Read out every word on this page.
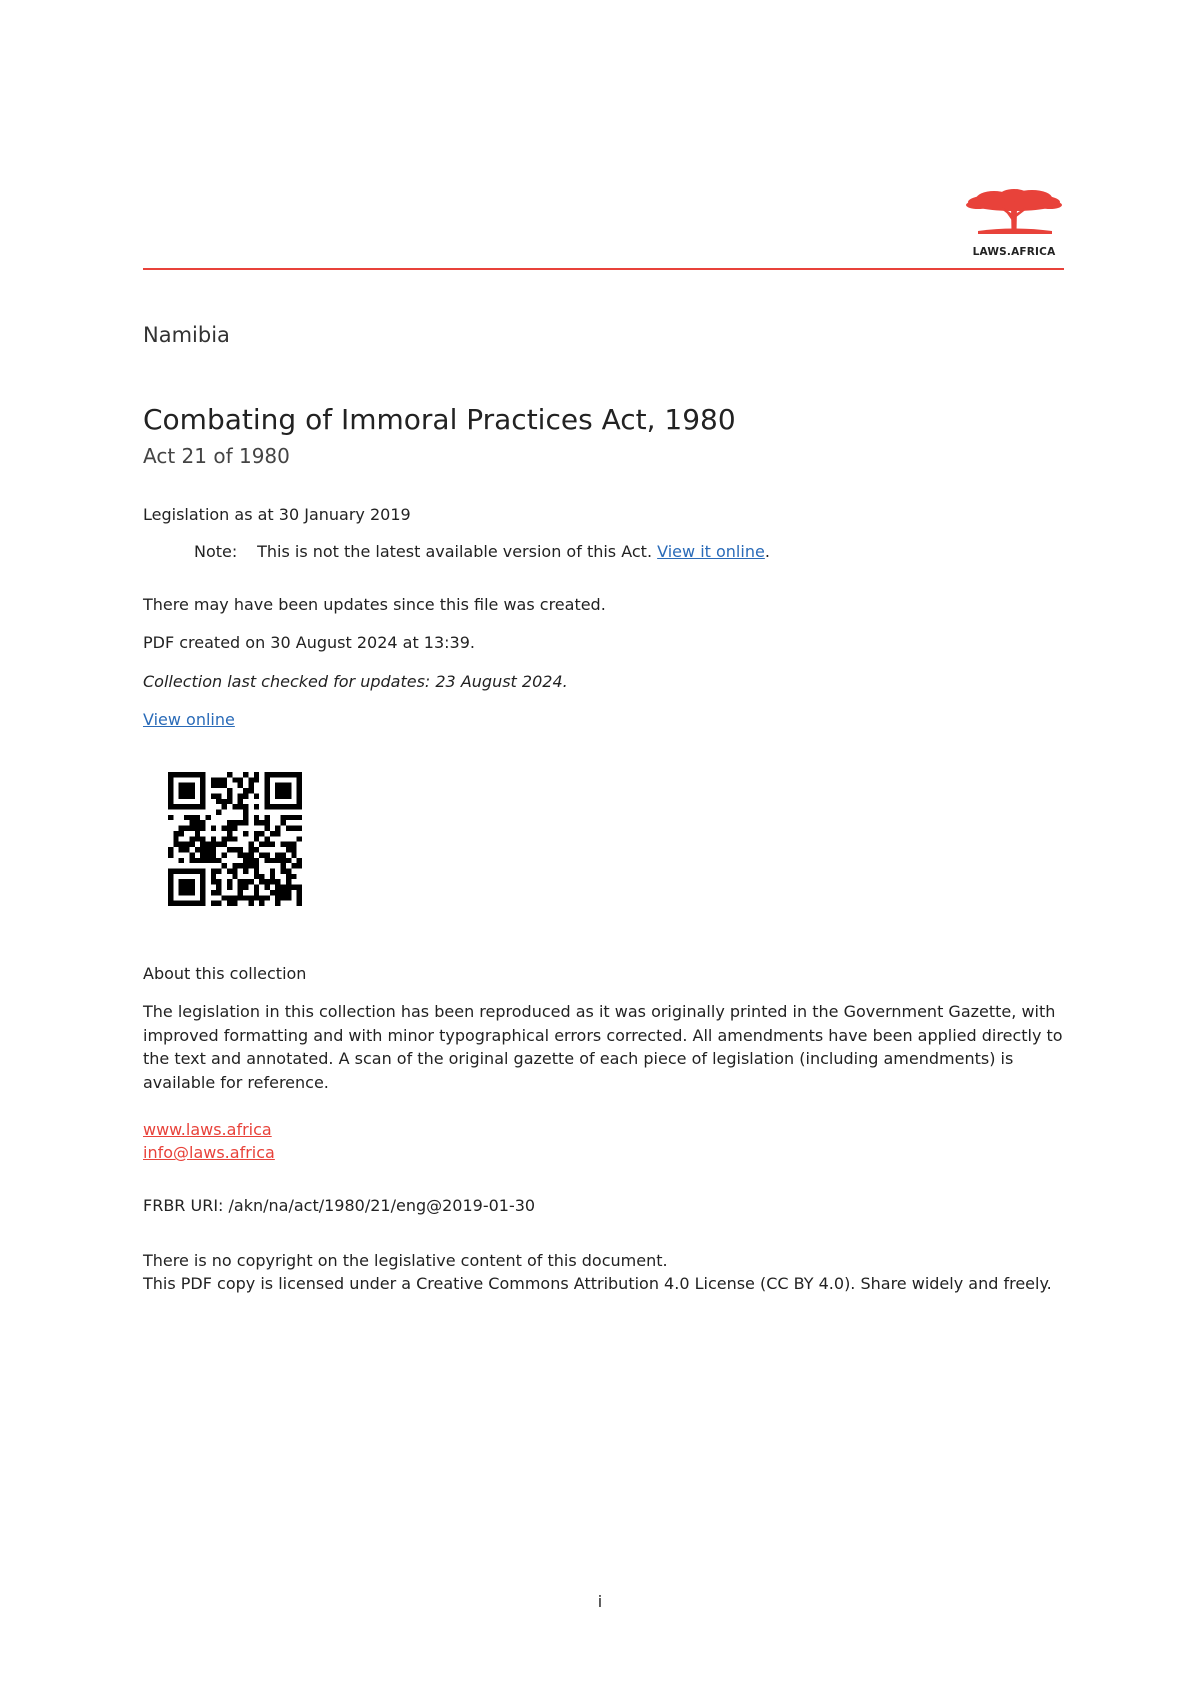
LAWS.AFRICA
Namibia
Combating of Immoral Practices Act, 1980
Act 21 of 1980
Legislation as at 30 January 2019
Note: This is not the latest available version of this Act. View it online.
There may have been updates since this file was created.
PDF created on 30 August 2024 at 13:39.
Collection last checked for updates: 23 August 2024.
View online
About this collection
The legislation in this collection has been reproduced as it was originally printed in the Government Gazette, with improved formatting and with minor typographical errors corrected. All amendments have been applied directly to the text and annotated. A scan of the original gazette of each piece of legislation (including amendments) is available for reference.
www.laws.africa
info@laws.africa
FRBR URI: /akn/na/act/1980/21/eng@2019-01-30
There is no copyright on the legislative content of this document.
This PDF copy is licensed under a Creative Commons Attribution 4.0 License (CC BY 4.0). Share widely and freely.
i
